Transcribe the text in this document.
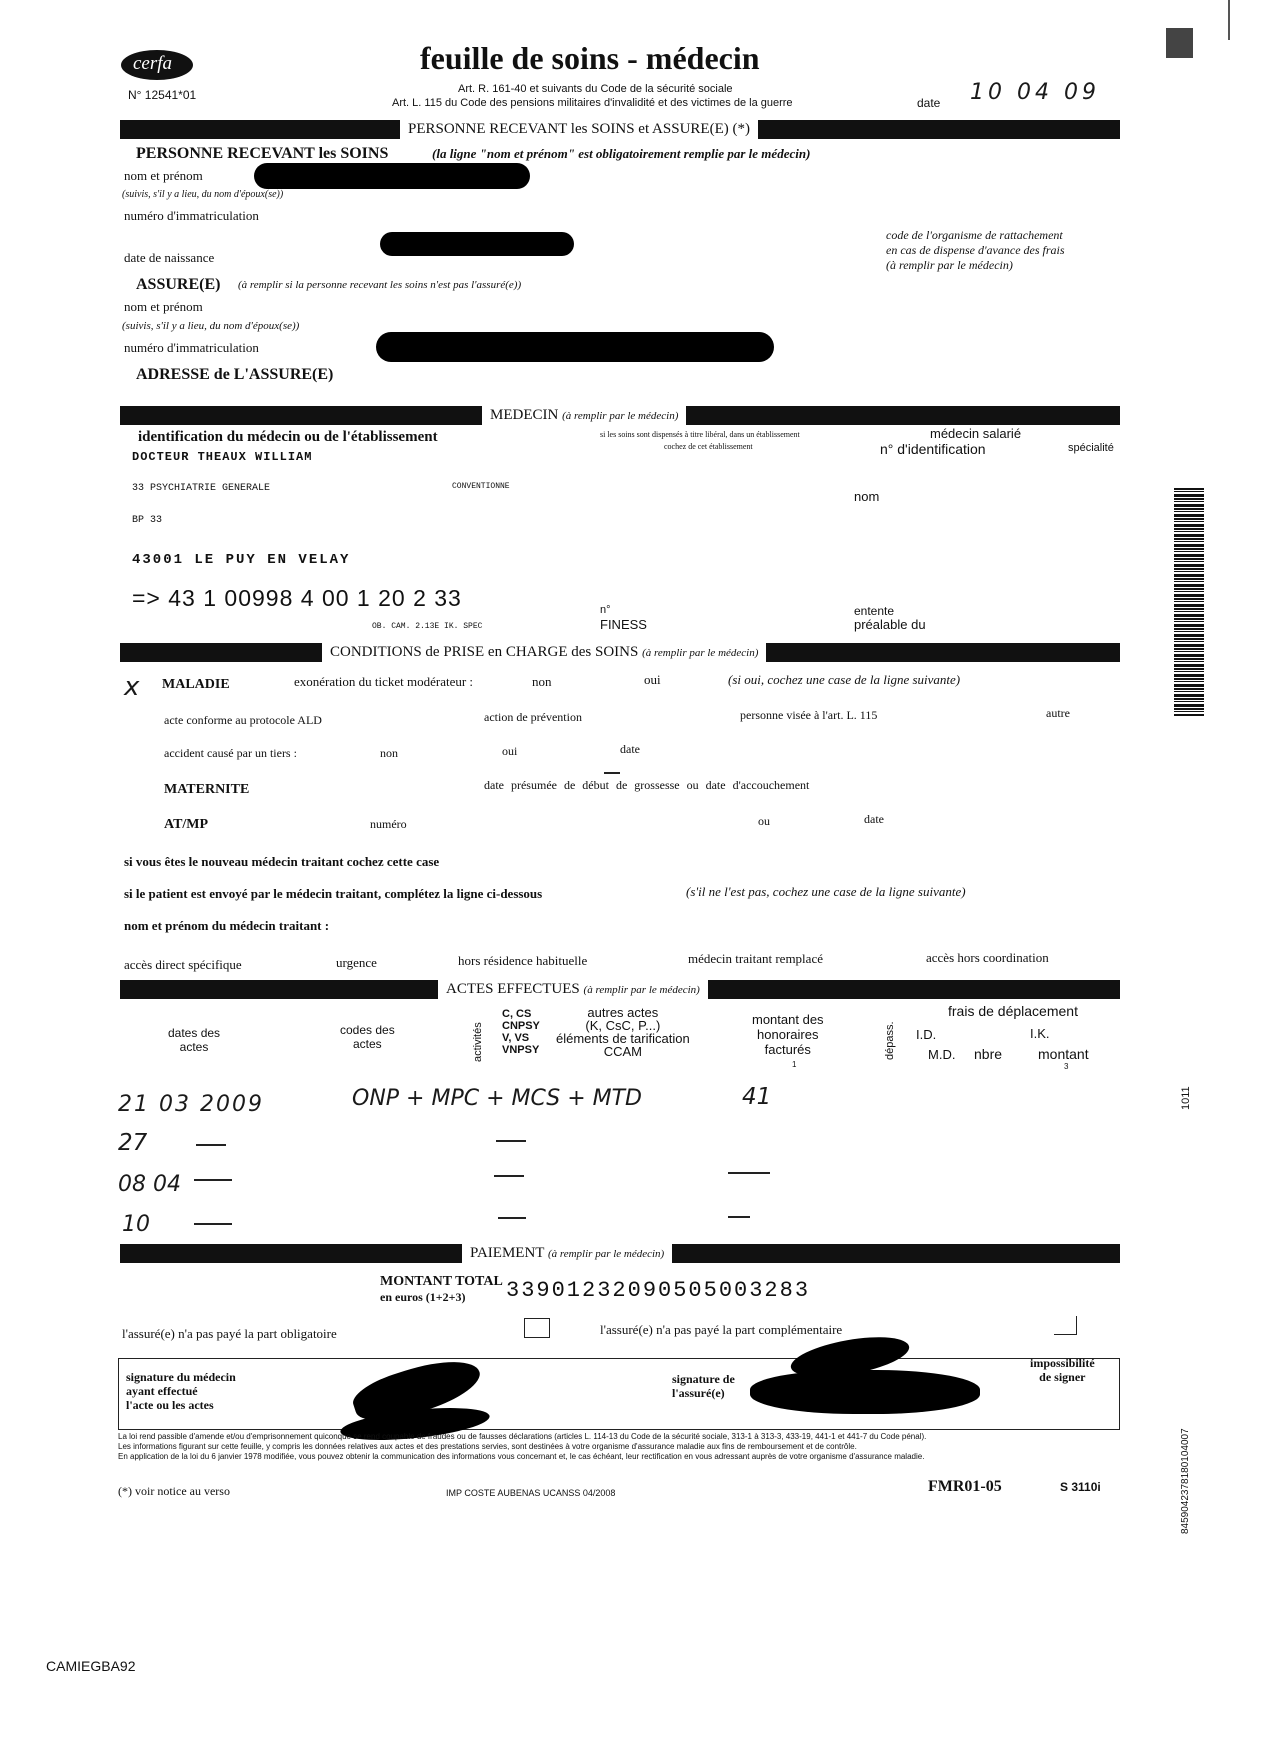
cerfa
N° 12541*01
feuille de soins - médecin
Art. R. 161-40 et suivants du Code de la sécurité sociale
Art. L. 115 du Code des pensions militaires d'invalidité et des victimes de la guerre	date 10 04 09
PERSONNE RECEVANT les SOINS et ASSURE(E) (*)
PERSONNE RECEVANT les SOINS	(la ligne "nom et prénom" est obligatoirement remplie par le médecin)
nom et prénom
(suivis, s'il y a lieu, du nom d'époux(se))
numéro d'immatriculation
date de naissance
code de l'organisme de rattachement
en cas de dispense d'avance des frais
(à remplir par le médecin)
ASSURE(E) (à remplir si la personne recevant les soins n'est pas l'assuré(e))
nom et prénom
(suivis, s'il y a lieu, du nom d'époux(se))
numéro d'immatriculation
ADRESSE de L'ASSURE(E)
MEDECIN (à remplir par le médecin)
identification du médecin ou de l'établissement	si les soins sont dispensés à titre libéral, dans un établissement
cochez de cet établissement
médecin salarié
n° d'identification	spécialité
DOCTEUR THEAUX WILLIAM
33 PSYCHIATRIE GENERALE	CONVENTIONNE
nom
BP 33
43001 LE PUY EN VELAY
=> 43 1 00998 4 00 1 20 2 33
OB. CAM. 2.13E IK. SPEC
n°
FINESS
entente
préalable du
CONDITIONS de PRISE en CHARGE des SOINS (à remplir par le médecin)
x MALADIE	exonération du ticket modérateur :	non	oui	(si oui, cochez une case de la ligne suivante)
acte conforme au protocole ALD	action de prévention	personne visée à l'art. L. 115	autre
accident causé par un tiers :	non	oui	date
MATERNITE	date présumée de début de grossesse ou date d'accouchement
AT/MP	numéro	ou	date
si vous êtes le nouveau médecin traitant cochez cette case
si le patient est envoyé par le médecin traitant, complétez la ligne ci-dessous	(s'il ne l'est pas, cochez une case de la ligne suivante)
nom et prénom du médecin traitant :
accès direct spécifique	urgence	hors résidence habituelle	médecin traitant remplacé	accès hors coordination
ACTES EFFECTUES (à remplir par le médecin)
dates des
actes
codes des
actes	activités
C, CS
CNPSY
V, VS
VNPSY
autres actes
(K, CsC, P...)
éléments de tarification
CCAM
montant des
honoraires
facturés
1
dépass.
frais de déplacement
I.D.	I.K.
M.D. nbre	montant
3
21 03 2009	ONP + MPC + MCS + MTD	41
27
08 04
10
PAIEMENT (à remplir par le médecin)
MONTANT TOTAL
en euros (1+2+3) 33901232090505003283
l'assuré(e) n'a pas payé la part obligatoire	l'assuré(e) n'a pas payé la part complémentaire
signature du médecin
ayant effectué
l'acte ou les actes
signature de
l'assuré(e)
impossibilité
de signer
La loi rend passible d'amende et/ou d'emprisonnement quiconque se rend coupable de fraudes ou de fausses déclarations (articles L. 114-13 du Code de la sécurité sociale, 313-1 à 313-3, 433-19, 441-1 et 441-7 du Code pénal).
Les informations figurant sur cette feuille, y compris les données relatives aux actes et des prestations servies, sont destinées à votre organisme d'assurance maladie aux fins de remboursement et de contrôle.
En application de la loi du 6 janvier 1978 modifiée, vous pouvez obtenir la communication des informations vous concernant et, le cas échéant, leur rectification en vous adressant auprès de votre organisme d'assurance maladie.
(*) voir notice au verso	IMP COSTE AUBENAS UCANSS 04/2008	FMR01-05	S 3110i
1011
8459042378180104007
CAMIEGBA92
